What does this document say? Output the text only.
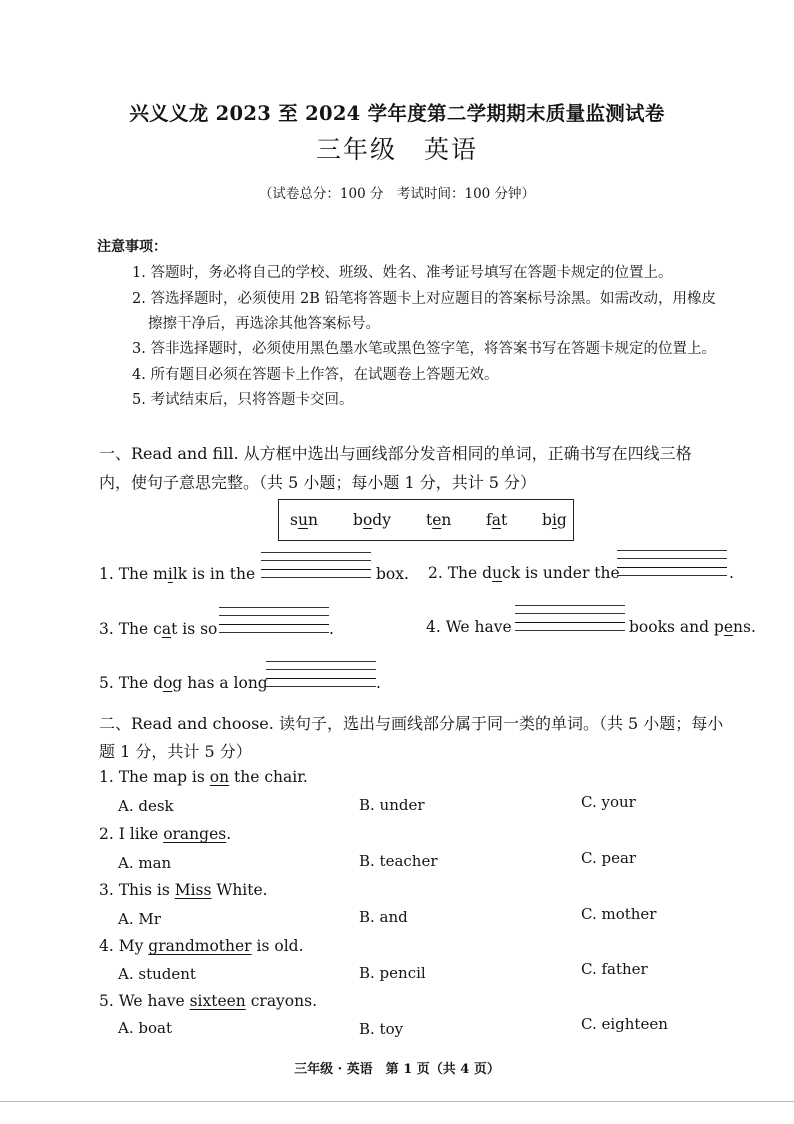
兴义义龙 2023 至 2024 学年度第二学期期末质量监测试卷
三年级　英语
（试卷总分：100 分　考试时间：100 分钟）
注意事项：
1. 答题时，务必将自己的学校、班级、姓名、准考证号填写在答题卡规定的位置上。
2. 答选择题时，必须使用 2B 铅笔将答题卡上对应题目的答案标号涂黑。如需改动，用橡皮
擦擦干净后，再选涂其他答案标号。
3. 答非选择题时，必须使用黑色墨水笔或黑色签字笔，将答案书写在答题卡规定的位置上。
4. 所有题目必须在答题卡上作答，在试题卷上答题无效。
5. 考试结束后，只将答题卡交回。
一、Read and fill. 从方框中选出与画线部分发音相同的单词，正确书写在四线三格
内，使句子意思完整。（共 5 小题；每小题 1 分，共计 5 分）
sun body ten fat big
1. The milk is in the	box. 2. The duck is under the	.
3. The cat is so	.	4. We have	books and pens.
5. The dog has a long	.
二、Read and choose. 读句子，选出与画线部分属于同一类的单词。（共 5 小题；每小
题 1 分，共计 5 分）
1. The map is on the chair.
A. desk	B. under	C. your
2. I like oranges.
A. man	B. teacher	C. pear
3. This is Miss White.
A. Mr	B. and	C. mother
4. My grandmother is old.
A. student	B. pencil	C. father
5. We have sixteen crayons.
A. boat	B. toy	C. eighteen
三年级 · 英语　第 1 页（共 4 页）
